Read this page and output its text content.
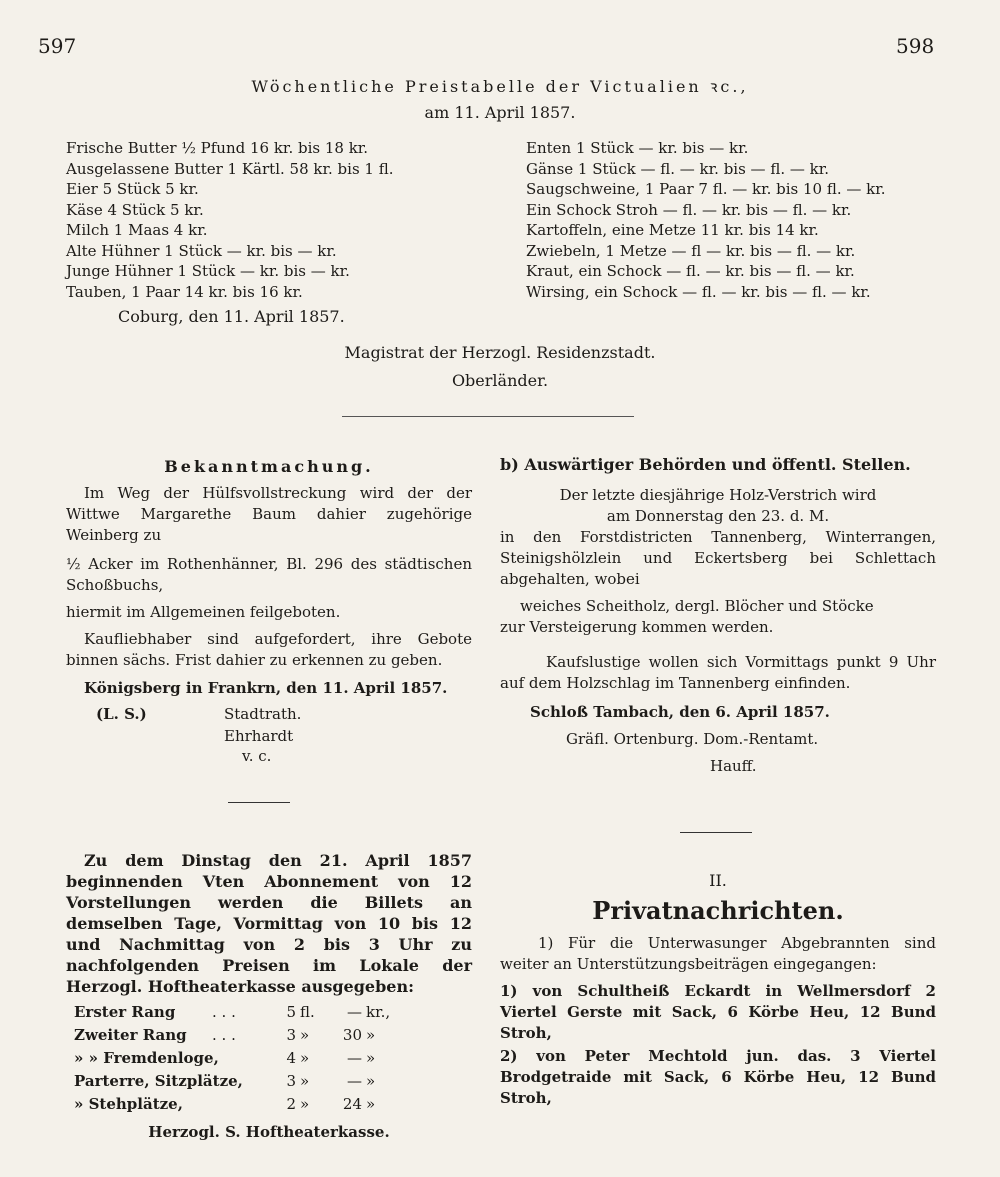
597	598
Wöchentliche Preistabelle der Victualien ꝛc.,
am 11. April 1857.
Frische Butter ½ Pfund 16 kr. bis 18 kr.
Ausgelassene Butter 1 Kärtl. 58 kr. bis 1 fl.
Eier 5 Stück 5 kr.
Käse 4 Stück 5 kr.
Milch 1 Maas 4 kr.
Alte Hühner 1 Stück — kr. bis — kr.
Junge Hühner 1 Stück — kr. bis — kr.
Tauben, 1 Paar 14 kr. bis 16 kr.
Enten 1 Stück — kr. bis — kr.
Gänse 1 Stück — fl. — kr. bis — fl. — kr.
Saugschweine, 1 Paar 7 fl. — kr. bis 10 fl. — kr.
Ein Schock Stroh — fl. — kr. bis — fl. — kr.
Kartoffeln, eine Metze 11 kr. bis 14 kr.
Zwiebeln, 1 Metze — fl — kr. bis — fl. — kr.
Kraut, ein Schock — fl. — kr. bis — fl. — kr.
Wirsing, ein Schock — fl. — kr. bis — fl. — kr.
Coburg, den 11. April 1857.
Magistrat der Herzogl. Residenzstadt.
Oberländer.
Bekanntmachung.
Im Weg der Hülfsvollstreckung wird der der Wittwe Margarethe Baum dahier zugehörige Weinberg zu
½ Acker im Rothenhänner, Bl. 296 des städtischen Schoßbuchs,
hiermit im Allgemeinen feilgeboten.
Kaufliebhaber sind aufgefordert, ihre Gebote binnen sächs. Frist dahier zu erkennen zu geben.
Königsberg in Frankrn, den 11. April 1857.
(L. S.)	Stadtrath.
Ehrhardt
v. c.
Zu dem Dinstag den 21. April 1857 beginnenden Vten Abonnement von 12 Vorstellungen werden die Billets an demselben Tage, Vormittag von 10 bis 12 und Nachmittag von 2 bis 3 Uhr zu nachfolgenden Preisen im Lokale der Herzogl. Hoftheaterkasse ausgegeben:
Erster Rang	. . .	5	fl.	—	kr.,
Zweiter Rang	. . .	3	»	30	»
» » Fremdenloge,		4	»	—	»
Parterre, Sitzplätze,		3	»	—	»
» Stehplätze,		2	»	24	»
Herzogl. S. Hoftheaterkasse.
b) Auswärtiger Behörden und öffentl. Stellen.
Der letzte diesjährige Holz-Verstrich wird
am Donnerstag den 23. d. M.
in den Forstdistricten Tannenberg, Winterrangen, Steinigshölzlein und Eckertsberg bei Schlettach abgehalten, wobei
weiches Scheitholz, dergl. Blöcher und Stöcke
zur Versteigerung kommen werden.
Kaufslustige wollen sich Vormittags punkt 9 Uhr auf dem Holzschlag im Tannenberg einfinden.
Schloß Tambach, den 6. April 1857.
Gräfl. Ortenburg. Dom.-Rentamt.
Hauff.
II.
Privatnachrichten.
1) Für die Unterwasunger Abgebrannten sind weiter an Unterstützungsbeiträgen eingegangen:
1) von Schultheiß Eckardt in Wellmersdorf 2 Viertel Gerste mit Sack, 6 Körbe Heu, 12 Bund Stroh,
2) von Peter Mechtold jun. das. 3 Viertel Brodgetraide mit Sack, 6 Körbe Heu, 12 Bund Stroh,
